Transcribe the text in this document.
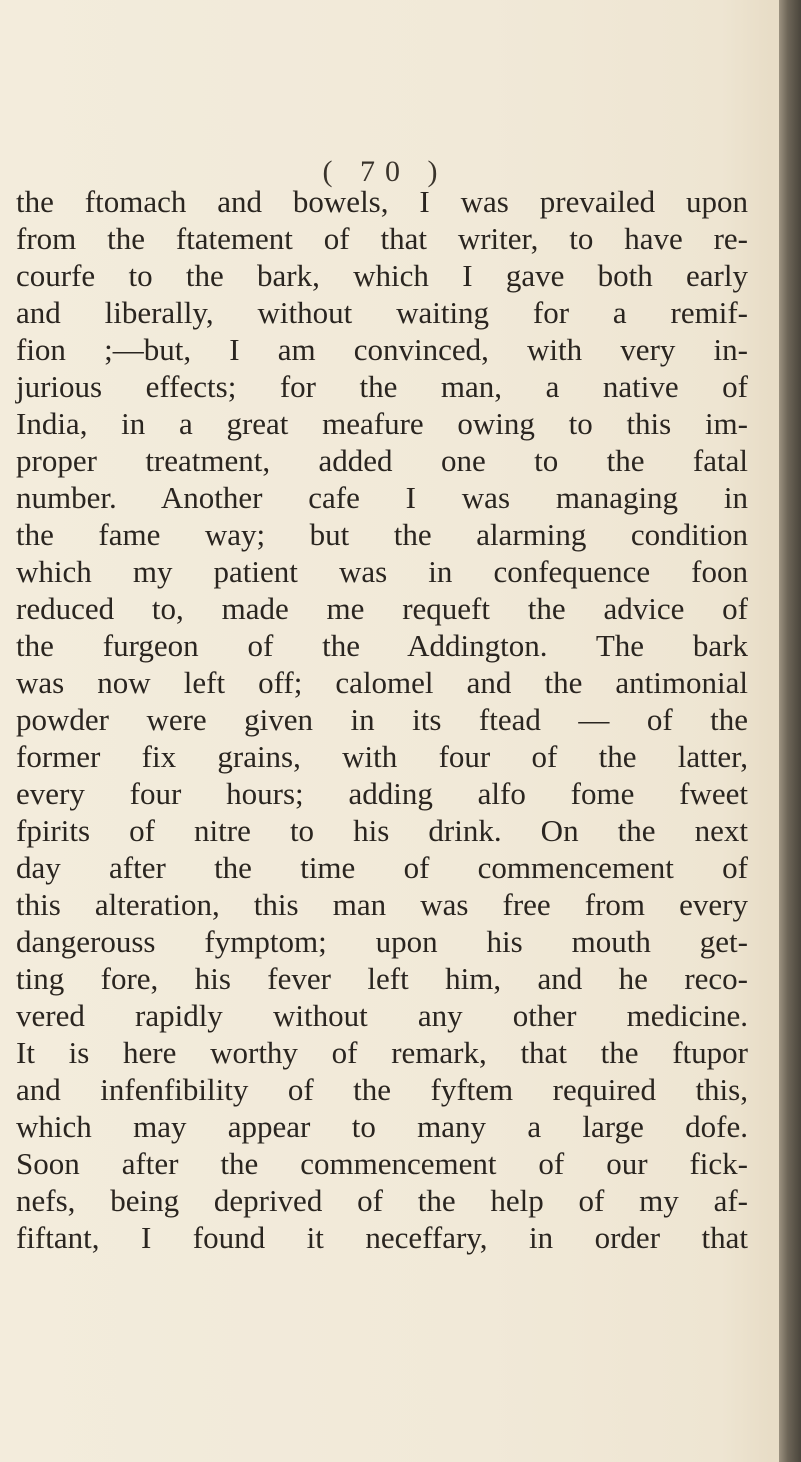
( 70 )
the ftomach and bowels, I was prevailed upon
from the ftatement of that writer, to have re-
courfe to the bark, which I gave both early
and liberally, without waiting for a remif-
fion ;—but, I am convinced, with very in-
jurious effects; for the man, a native of
India, in a great meafure owing to this im-
proper treatment, added one to the fatal
number. Another cafe I was managing in
the fame way; but the alarming condition
which my patient was in confequence foon
reduced to, made me requeft the advice of
the furgeon of the Addington. The bark
was now left off; calomel and the antimonial
powder were given in its ftead — of the
former fix grains, with four of the latter,
every four hours; adding alfo fome fweet
fpirits of nitre to his drink. On the next
day after the time of commencement of
this alteration, this man was free from every
dangerouss fymptom; upon his mouth get-
ting fore, his fever left him, and he reco-
vered rapidly without any other medicine.
It is here worthy of remark, that the ftupor
and infenfibility of the fyftem required this,
which may appear to many a large dofe.
Soon after the commencement of our fick-
nefs, being deprived of the help of my af-
fiftant, I found it neceffary, in order that
